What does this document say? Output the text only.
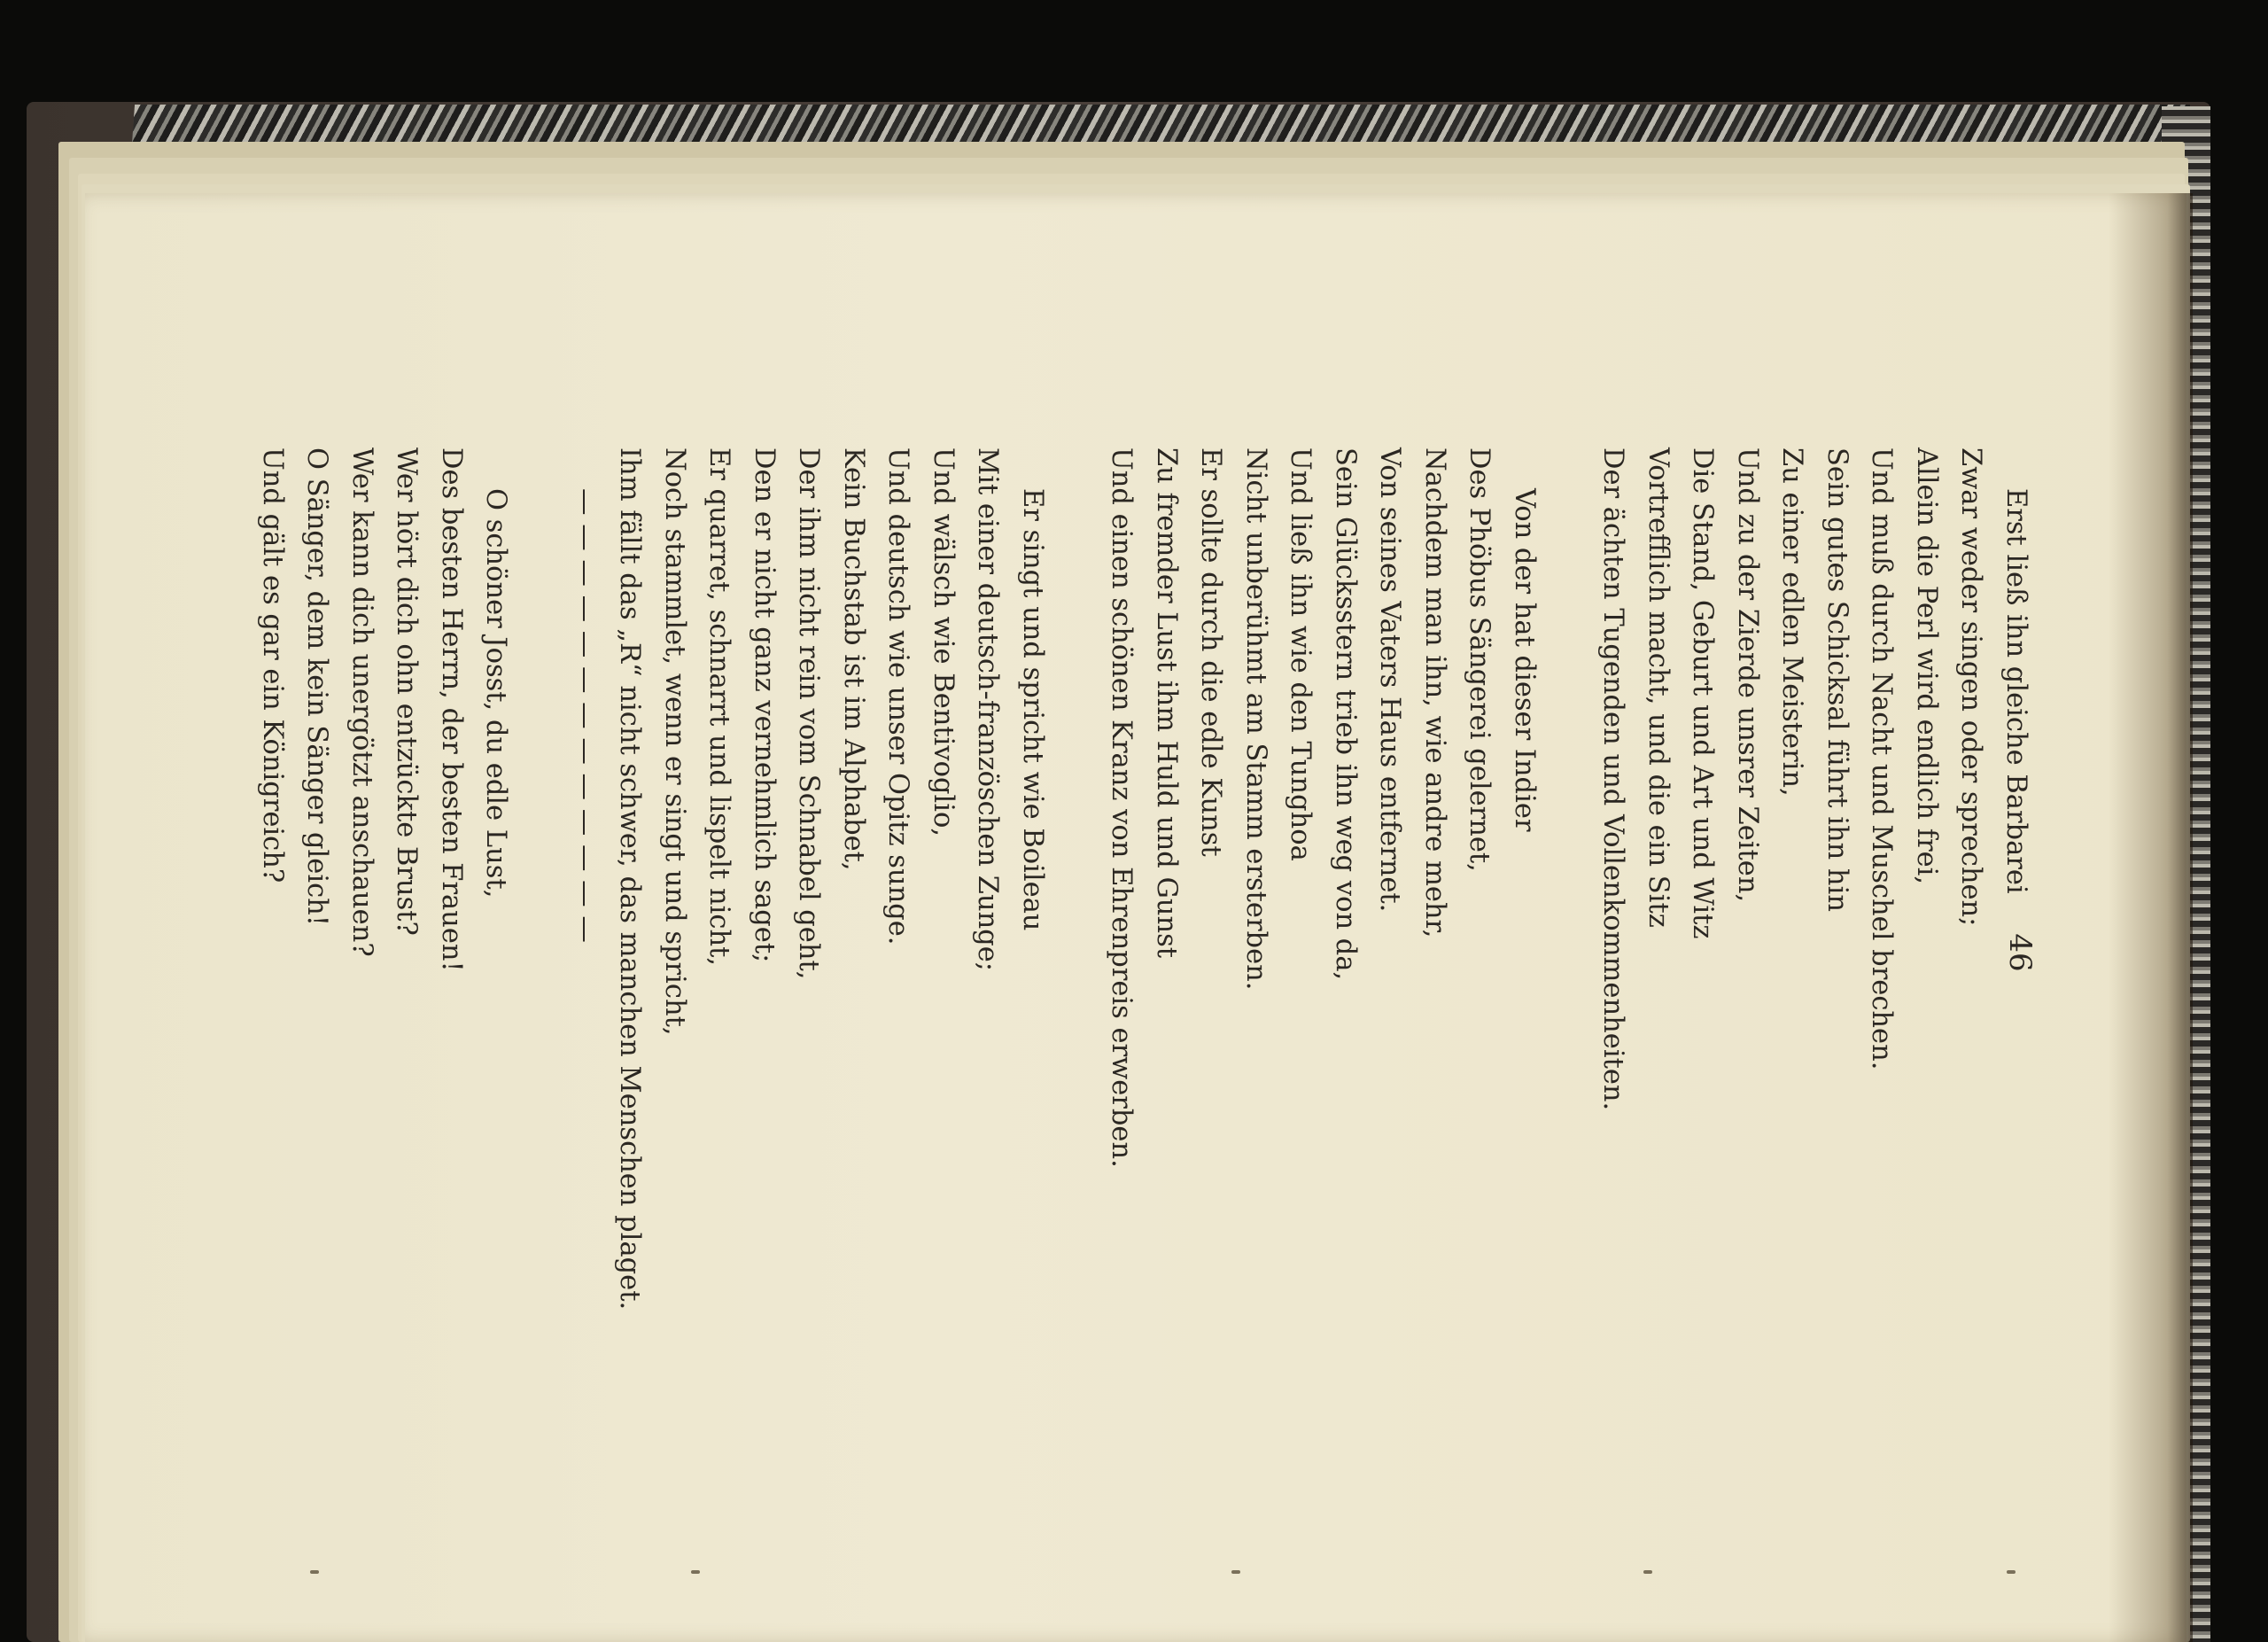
46
Erst ließ ihn gleiche Barbarei
Zwar weder singen oder sprechen;
Allein die Perl wird endlich frei,
Und muß durch Nacht und Muschel brechen.
Sein gutes Schicksal führt ihn hin
Zu einer edlen Meisterin,
Und zu der Zierde unsrer Zeiten,
Die Stand, Geburt und Art und Witz
Vortrefflich macht, und die ein Sitz
Der ächten Tugenden und Vollenkommenheiten.
Von der hat dieser Indier
Des Phöbus Sängerei gelernet,
Nachdem man ihn, wie andre mehr,
Von seines Vaters Haus entfernet.
Sein Glücksstern trieb ihn weg von da,
Und ließ ihn wie den Tunghoa
Nicht unberühmt am Stamm ersterben.
Er sollte durch die edle Kunst
Zu fremder Lust ihm Huld und Gunst
Und einen schönen Kranz von Ehrenpreis erwerben.
Er singt und spricht wie Boileau
Mit einer deutsch-französchen Zunge;
Und wälsch wie Bentivoglio,
Und deutsch wie unser Opitz sunge.
Kein Buchstab ist im Alphabet,
Der ihm nicht rein vom Schnabel geht,
Den er nicht ganz vernehmlich saget;
Er quarret, schnarrt und lispelt nicht,
Noch stammlet, wenn er singt und spricht,
Ihm fällt das „R“ nicht schwer, das manchen Menschen plaget.
— — — — — — — — — — — — —
O schöner Josst, du edle Lust,
Des besten Herrn, der besten Frauen!
Wer hört dich ohn entzückte Brust?
Wer kann dich unergötzt anschauen?
O Sänger, dem kein Sänger gleich!
Und gält es gar ein Königreich?
